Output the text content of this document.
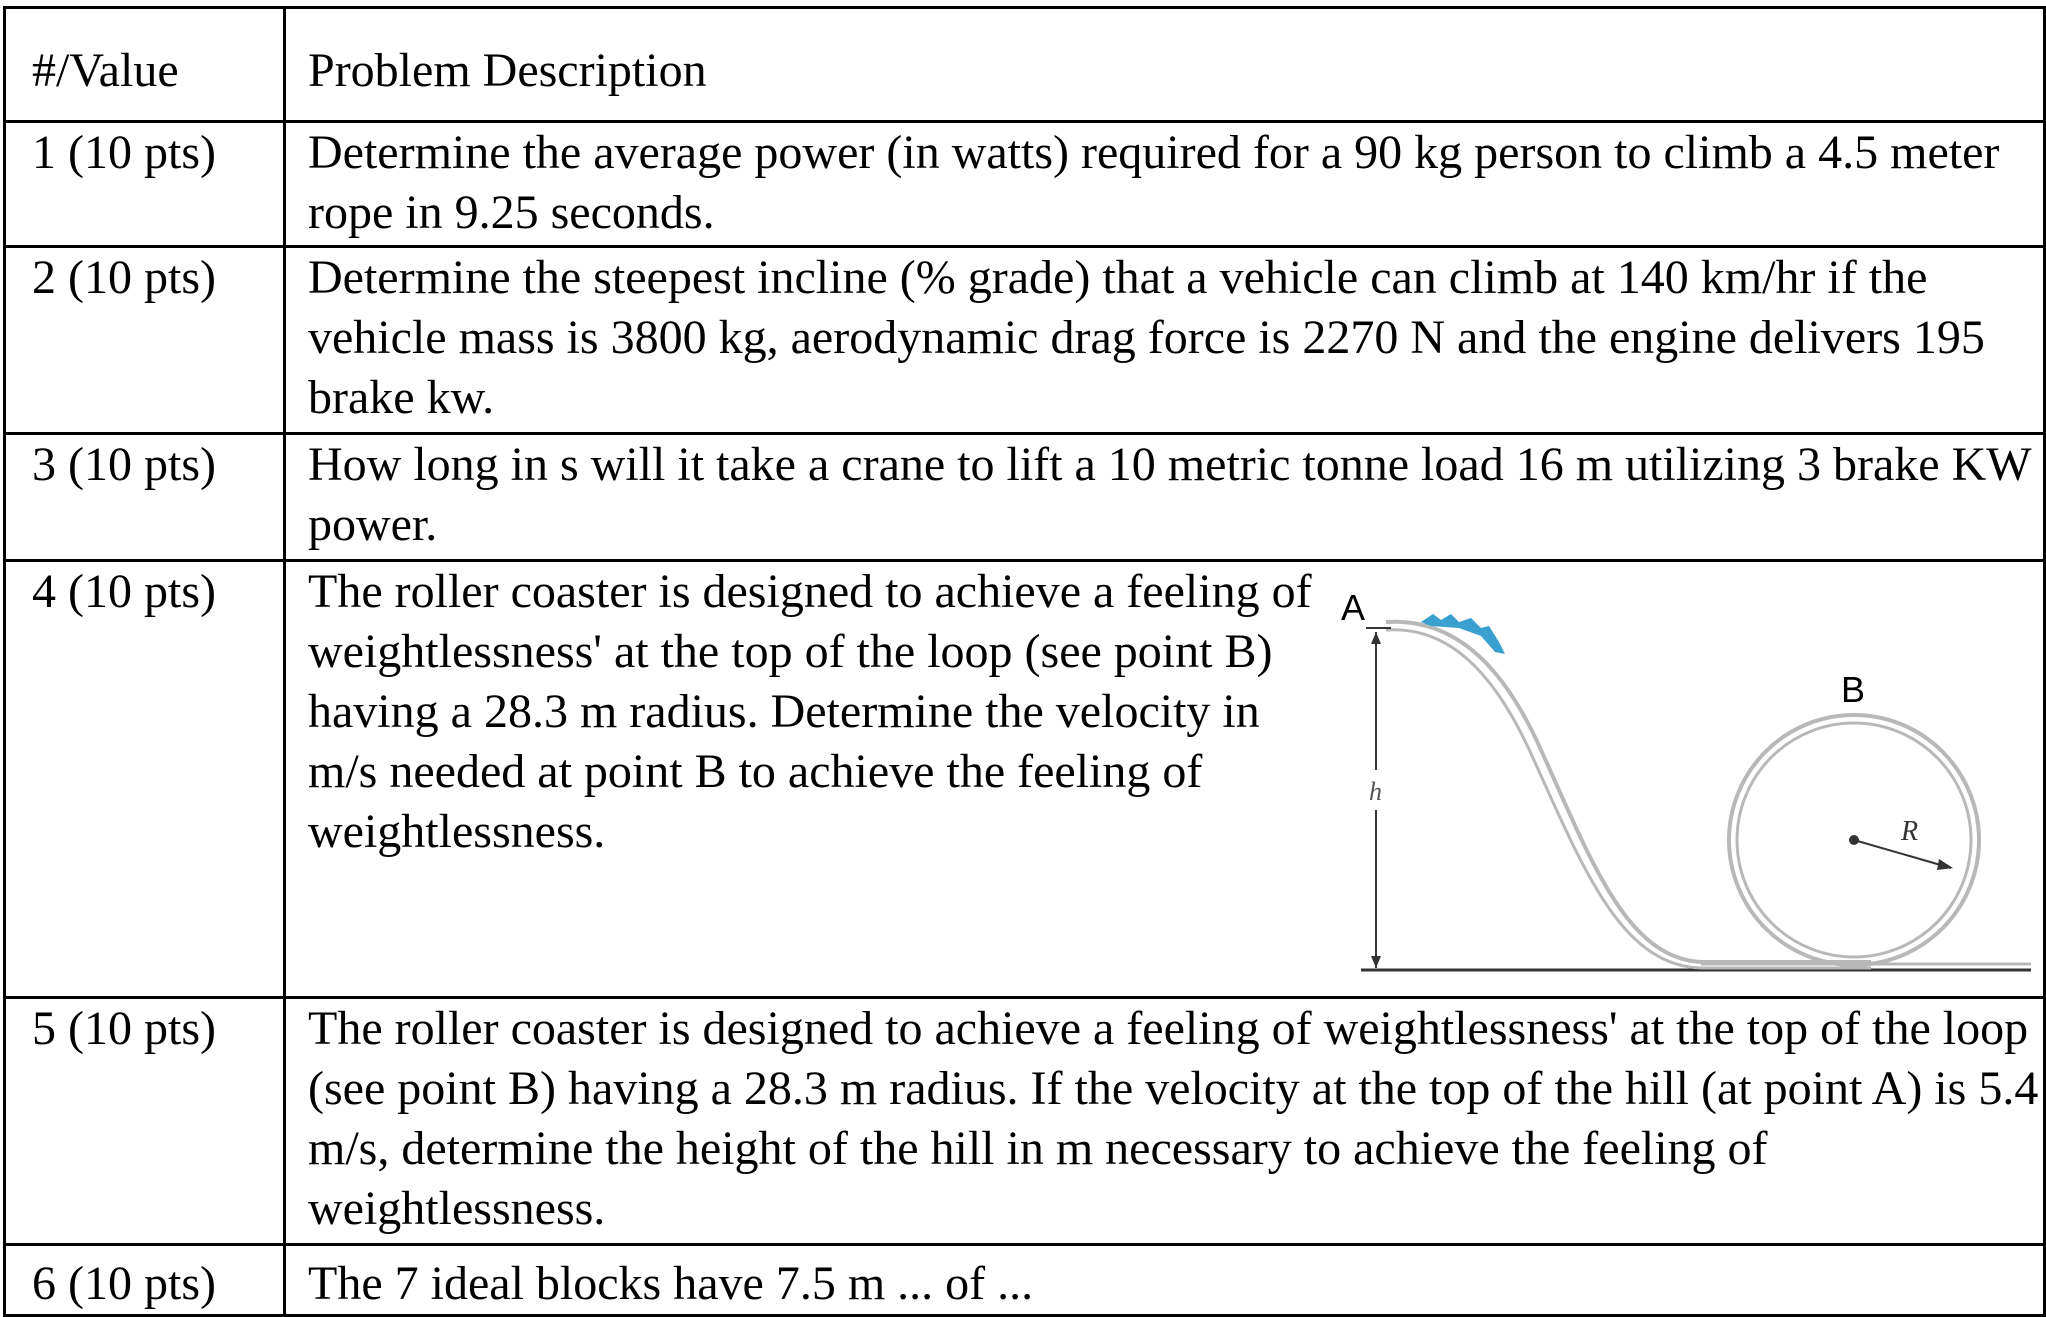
#/Value	Problem Description
1 (10 pts)	Determine the average power (in watts) required for a 90 kg person to climb a 4.5 meter rope in 9.25 seconds.
2 (10 pts)	Determine the steepest incline (% grade) that a vehicle can climb at 140 km/hr if the vehicle mass is 3800 kg, aerodynamic drag force is 2270 N and the engine delivers 195 brake kw.
3 (10 pts)	How long in s will it take a crane to lift a 10 metric tonne load 16 m utilizing 3 brake KW power.
4 (10 pts)	The roller coaster is designed to achieve a feeling of weightlessness' at the top of the loop (see point B) having a 28.3 m radius. Determine the velocity in m/s needed at point B to achieve the feeling of weightlessness.
A
h
B
R

5 (10 pts)	The roller coaster is designed to achieve a feeling of weightlessness' at the top of the loop (see point B) having a 28.3 m radius. If the velocity at the top of the hill (at point A) is 5.4 m/s, determine the height of the hill in m necessary to achieve the feeling of weightlessness.

6 (10 pts)	The 7 ideal blocks have 7.5 m ... of ...
